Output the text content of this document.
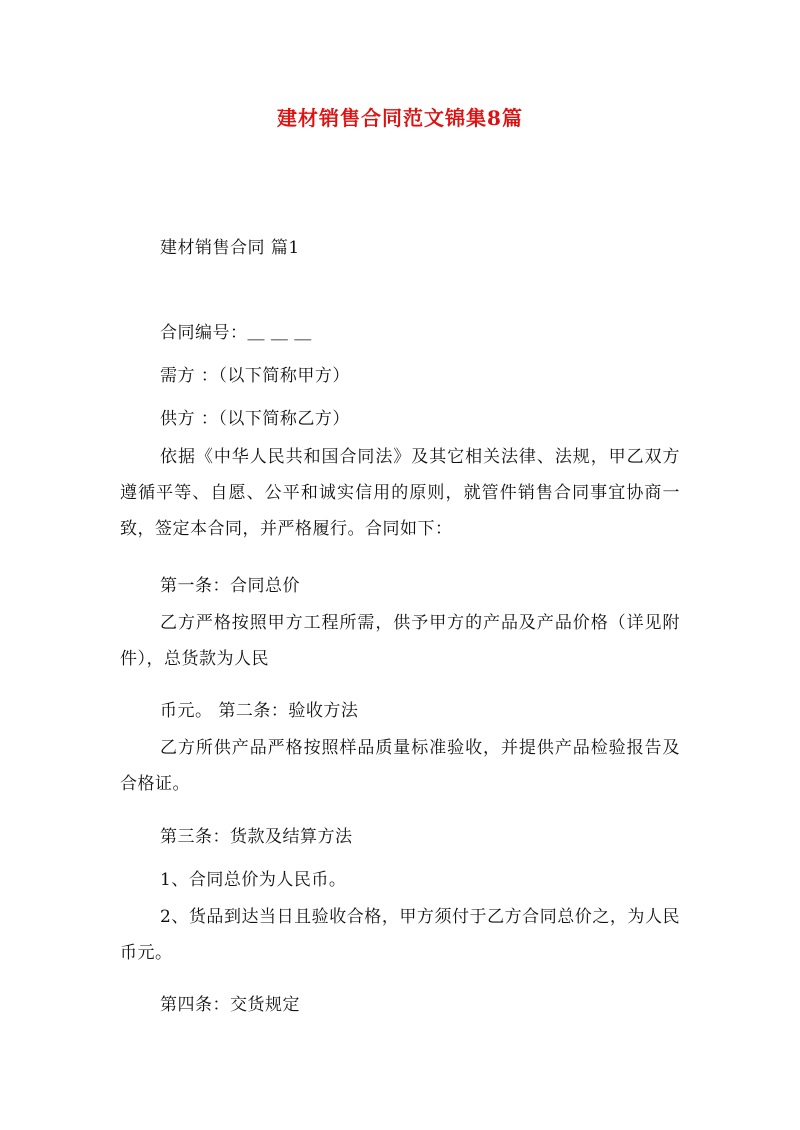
建材销售合同范文锦集8篇
建材销售合同 篇1
合同编号：＿ ＿ ＿
需方 ：（以下简称甲方）
供方 ：（以下简称乙方）
依据《中华人民共和国合同法》及其它相关法律、法规，甲乙双方遵循平等、自愿、公平和诚实信用的原则，就管件销售合同事宜协商一致，签定本合同，并严格履行。合同如下：
第一条：合同总价
乙方严格按照甲方工程所需，供予甲方的产品及产品价格（详见附件），总货款为人民
币元。 第二条：验收方法
乙方所供产品严格按照样品质量标准验收，并提供产品检验报告及合格证。
第三条：货款及结算方法
1、合同总价为人民币。
2、货品到达当日且验收合格，甲方须付于乙方合同总价之，为人民币元。
第四条：交货规定
